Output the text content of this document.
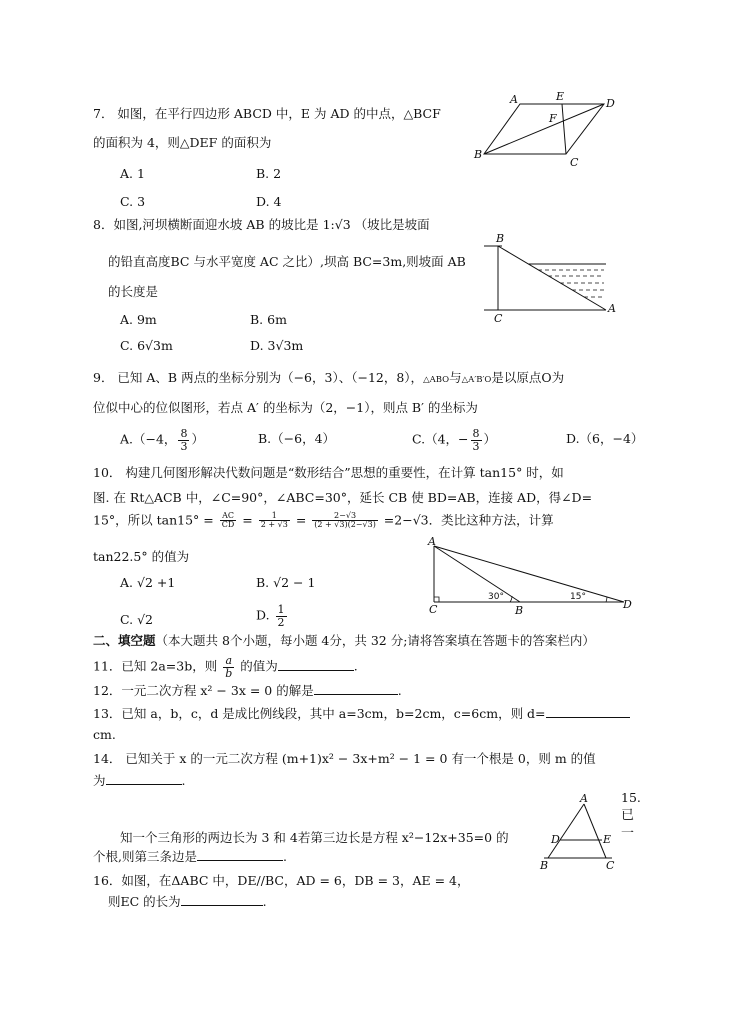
7． 如图，在平行四边形 ABCD 中，E 为 AD 的中点，△BCF
的面积为 4，则△DEF 的面积为
A. 1	B. 2
C. 3	D. 4
A	E
D
F
B
C
8．如图,河坝横断面迎水坡 AB 的坡比是 1:√3 （坡比是坡面
的铅直高度BC 与水平宽度 AC 之比）,坝高 BC=3m,则坡面 AB
的长度是
A. 9m	B. 6m
C. 6√3m	D. 3√3m
B
C
A
9． 已知 A、B 两点的坐标分别为（−6，3）、（−12，8），△ABO与△A′B′O是以原点O为
位似中心的位似图形，若点 A′ 的坐标为（2，−1），则点 B′ 的坐标为
A.（−4， $\frac{8}{3}$ ）	B.（−6，4）	C.（4，− $\frac{8}{3}$ ）	D.（6，−4）
10． 构建几何图形解决代数问题是“数形结合”思想的重要性，在计算 tan15° 时，如
图. 在 Rt△ACB 中，∠C=90°，∠ABC=30°，延长 CB 使 BD=AB，连接 AD，得∠D=
15°，所以 $\tan 15^\circ = \frac{AC}{CD} = \frac{1}{2 + √3} = \frac{2-√3}{(2 + √3)(2-√3)} =2-√3$．类比这种方法，计算
tan22.5° 的值为
A. √2 +1	B. √2 − 1
C. √2	D. $\frac{1}{2}$
A
C	B	D
30°	15°
二、填空题（本大题共 8个小题，每小题 4分，共 32 分;请将答案填在答题卡的答案栏内）
11．已知 2a=3b，则 $\frac{a}{b}$ 的值为	.
12．一元二次方程 x² − 3x = 0 的解是	.
13．已知 a，b，c，d 是成比例线段，其中 a=3cm，b=2cm，c=6cm，则 d=
cm.
14． 已知关于 x 的一元二次方程 (m+1)x² − 3x+m² − 1 = 0 有一个根是 0，则 m 的值
为	.
15.
已
一
知一个三角形的两边长为 3 和 4若第三边长是方程 x²−12x+35=0 的
个根,则第三条边是	.
A
D	E
B	C
16．如图，在ΔABC 中，DE//BC，AD = 6，DB = 3，AE = 4，
则EC 的长为	.
